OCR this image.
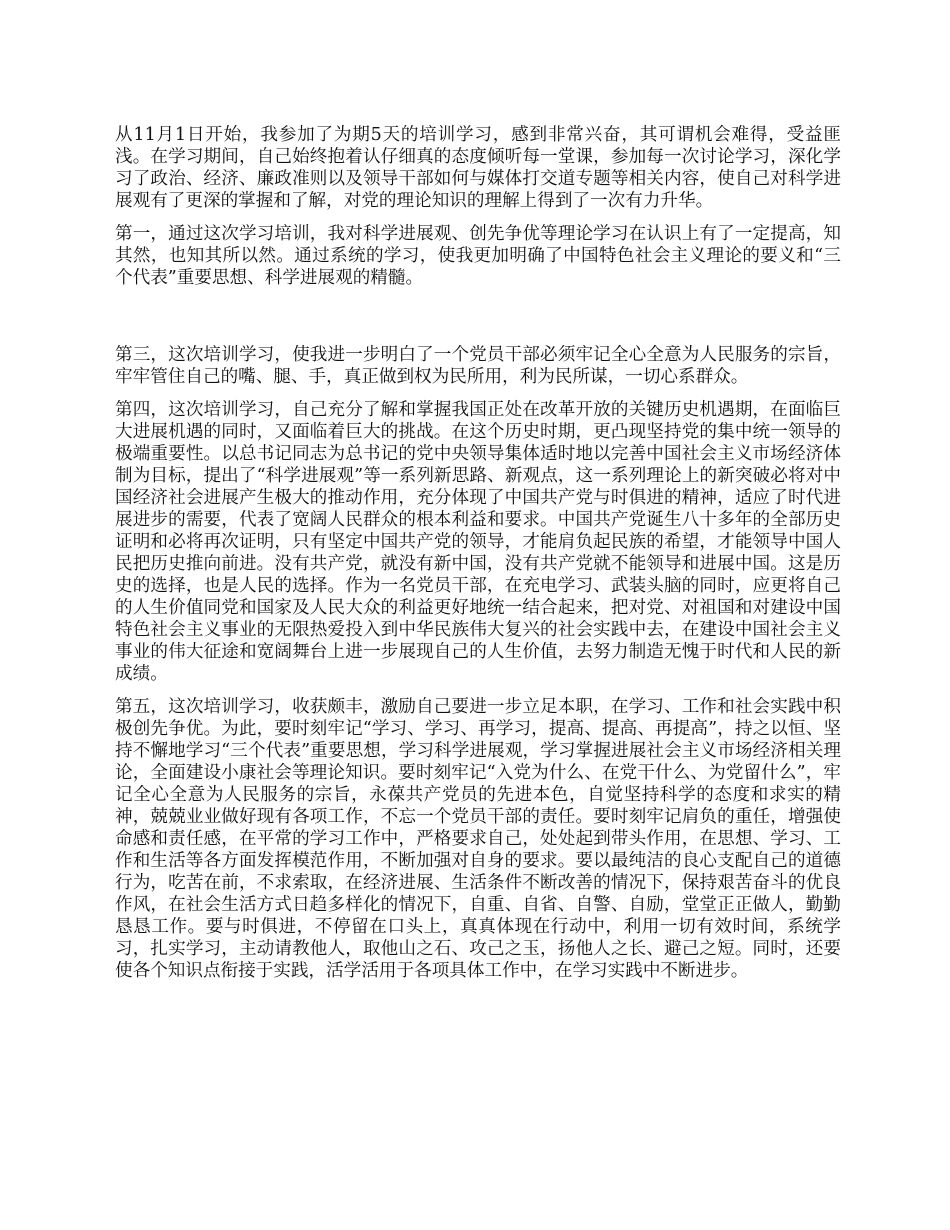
从11月1日开始，我参加了为期5天的培训学习，感到非常兴奋，其可谓机会难得，受益匪浅。在学习期间，自己始终抱着认仔细真的态度倾听每一堂课，参加每一次讨论学习，深化学习了政治、经济、廉政准则以及领导干部如何与媒体打交道专题等相关内容，使自己对科学进展观有了更深的掌握和了解，对党的理论知识的理解上得到了一次有力升华。

第一，通过这次学习培训，我对科学进展观、创先争优等理论学习在认识上有了一定提高，知其然，也知其所以然。通过系统的学习，使我更加明确了中国特色社会主义理论的要义和“三个代表”重要思想、科学进展观的精髓。

第三，这次培训学习，使我进一步明白了一个党员干部必须牢记全心全意为人民服务的宗旨，牢牢管住自己的嘴、腿、手，真正做到权为民所用，利为民所谋，一切心系群众。

第四，这次培训学习，自己充分了解和掌握我国正处在改革开放的关键历史机遇期，在面临巨大进展机遇的同时，又面临着巨大的挑战。在这个历史时期，更凸现坚持党的集中统一领导的极端重要性。以总书记同志为总书记的党中央领导集体适时地以完善中国社会主义市场经济体制为目标，提出了“科学进展观”等一系列新思路、新观点，这一系列理论上的新突破必将对中国经济社会进展产生极大的推动作用，充分体现了中国共产党与时俱进的精神，适应了时代进展进步的需要，代表了宽阔人民群众的根本利益和要求。中国共产党诞生八十多年的全部历史证明和必将再次证明，只有坚定中国共产党的领导，才能肩负起民族的希望，才能领导中国人民把历史推向前进。没有共产党，就没有新中国，没有共产党就不能领导和进展中国。这是历史的选择，也是人民的选择。作为一名党员干部，在充电学习、武装头脑的同时，应更将自己的人生价值同党和国家及人民大众的利益更好地统一结合起来，把对党、对祖国和对建设中国特色社会主义事业的无限热爱投入到中华民族伟大复兴的社会实践中去，在建设中国社会主义事业的伟大征途和宽阔舞台上进一步展现自己的人生价值，去努力制造无愧于时代和人民的新成绩。

第五，这次培训学习，收获颇丰，激励自己要进一步立足本职，在学习、工作和社会实践中积极创先争优。为此，要时刻牢记“学习、学习、再学习，提高、提高、再提高”，持之以恒、坚持不懈地学习“三个代表”重要思想，学习科学进展观，学习掌握进展社会主义市场经济相关理论，全面建设小康社会等理论知识。要时刻牢记“入党为什么、在党干什么、为党留什么”，牢记全心全意为人民服务的宗旨，永葆共产党员的先进本色，自觉坚持科学的态度和求实的精神，兢兢业业做好现有各项工作，不忘一个党员干部的责任。要时刻牢记肩负的重任，增强使命感和责任感，在平常的学习工作中，严格要求自己，处处起到带头作用，在思想、学习、工作和生活等各方面发挥模范作用，不断加强对自身的要求。要以最纯洁的良心支配自己的道德行为，吃苦在前，不求索取，在经济进展、生活条件不断改善的情况下，保持艰苦奋斗的优良作风，在社会生活方式日趋多样化的情况下，自重、自省、自警、自励，堂堂正正做人，勤勤恳恳工作。要与时俱进，不停留在口头上，真真体现在行动中，利用一切有效时间，系统学习，扎实学习，主动请教他人，取他山之石、攻己之玉，扬他人之长、避己之短。同时，还要使各个知识点衔接于实践，活学活用于各项具体工作中，在学习实践中不断进步。
